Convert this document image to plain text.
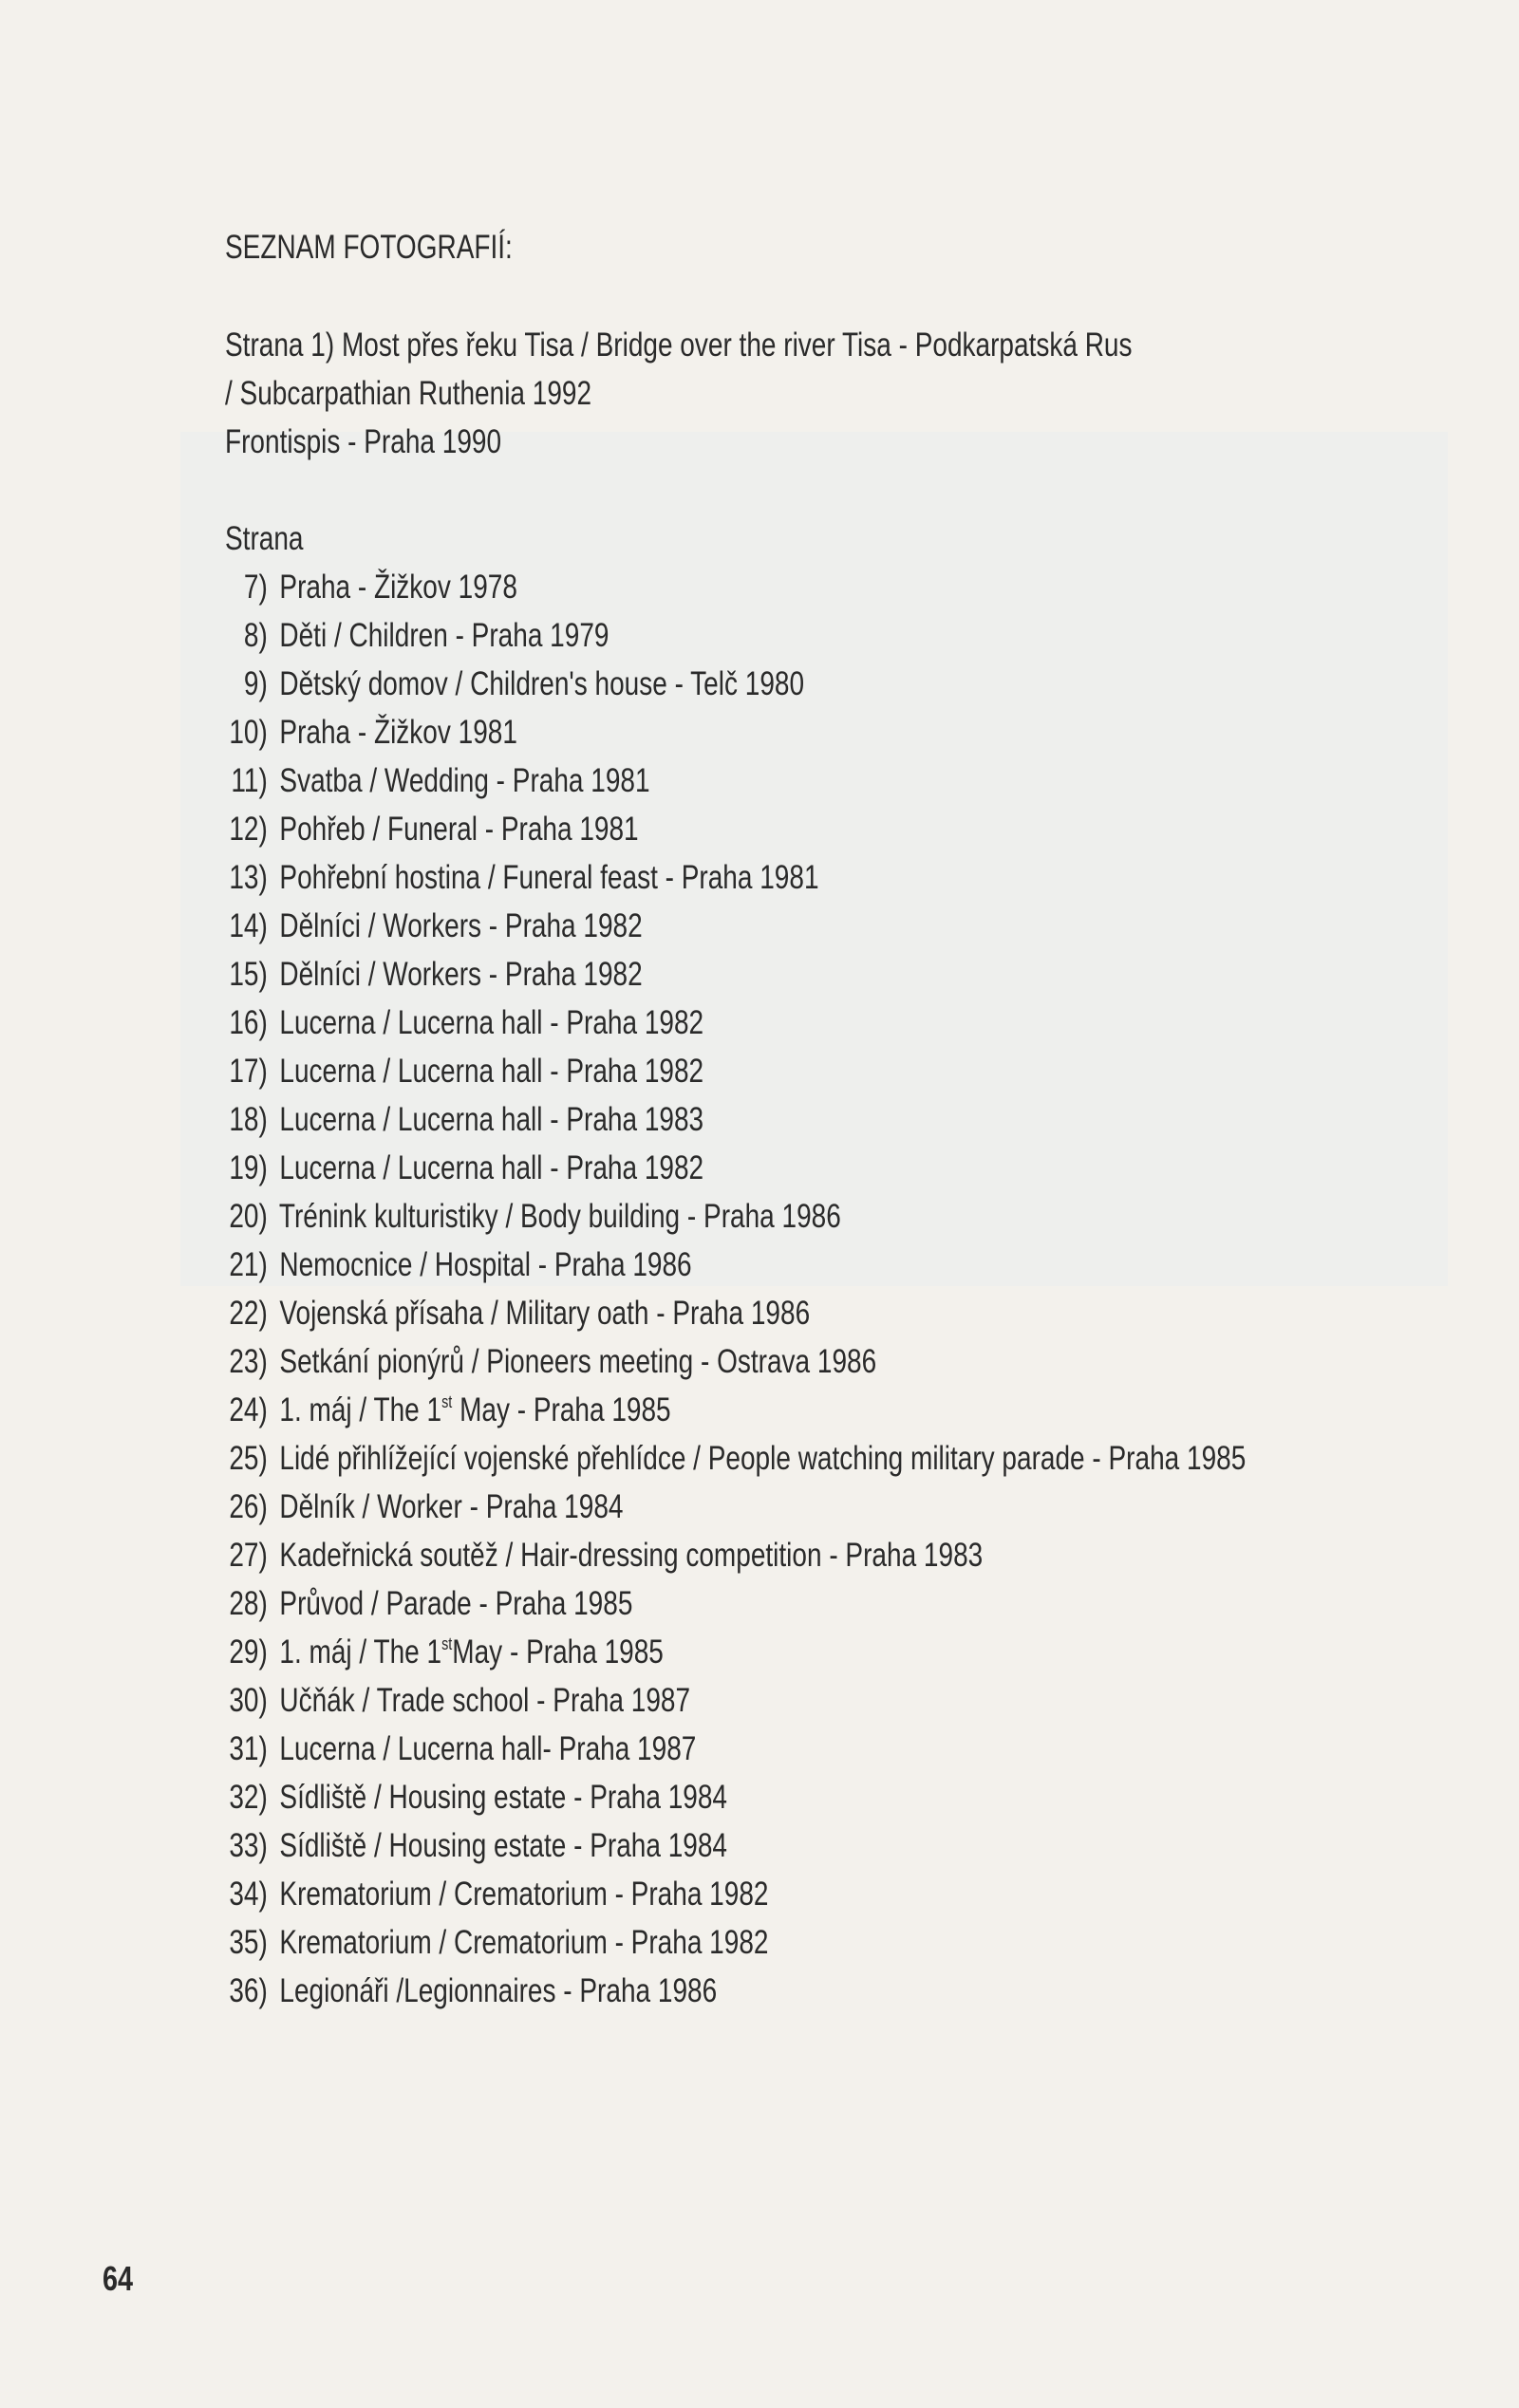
SEZNAM FOTOGRAFIÍ:
Strana 1) Most přes řeku Tisa / Bridge over the river Tisa - Podkarpatská Rus
/ Subcarpathian Ruthenia 1992
Frontispis - Praha 1990
Strana
7) Praha - Žižkov 1978
8) Děti / Children - Praha 1979
9) Dětský domov / Children's house - Telč 1980
10) Praha - Žižkov 1981
11) Svatba / Wedding - Praha 1981
12) Pohřeb / Funeral - Praha 1981
13) Pohřební hostina / Funeral feast - Praha 1981
14) Dělníci / Workers - Praha 1982
15) Dělníci / Workers - Praha 1982
16) Lucerna / Lucerna hall - Praha 1982
17) Lucerna / Lucerna hall - Praha 1982
18) Lucerna / Lucerna hall - Praha 1983
19) Lucerna / Lucerna hall - Praha 1982
20) Trénink kulturistiky / Body building - Praha 1986
21) Nemocnice / Hospital - Praha 1986
22) Vojenská přísaha / Military oath - Praha 1986
23) Setkání pionýrů / Pioneers meeting - Ostrava 1986
24) 1. máj / The 1st May - Praha 1985
25) Lidé přihlížející vojenské přehlídce / People watching military parade - Praha 1985
26) Dělník / Worker - Praha 1984
27) Kadeřnická soutěž / Hair-dressing competition - Praha 1983
28) Průvod / Parade - Praha 1985
29) 1. máj / The 1stMay - Praha 1985
30) Učňák / Trade school - Praha 1987
31) Lucerna / Lucerna hall- Praha 1987
32) Sídliště / Housing estate - Praha 1984
33) Sídliště / Housing estate - Praha 1984
34) Krematorium / Crematorium - Praha 1982
35) Krematorium / Crematorium - Praha 1982
36) Legionáři /Legionnaires - Praha 1986
64
